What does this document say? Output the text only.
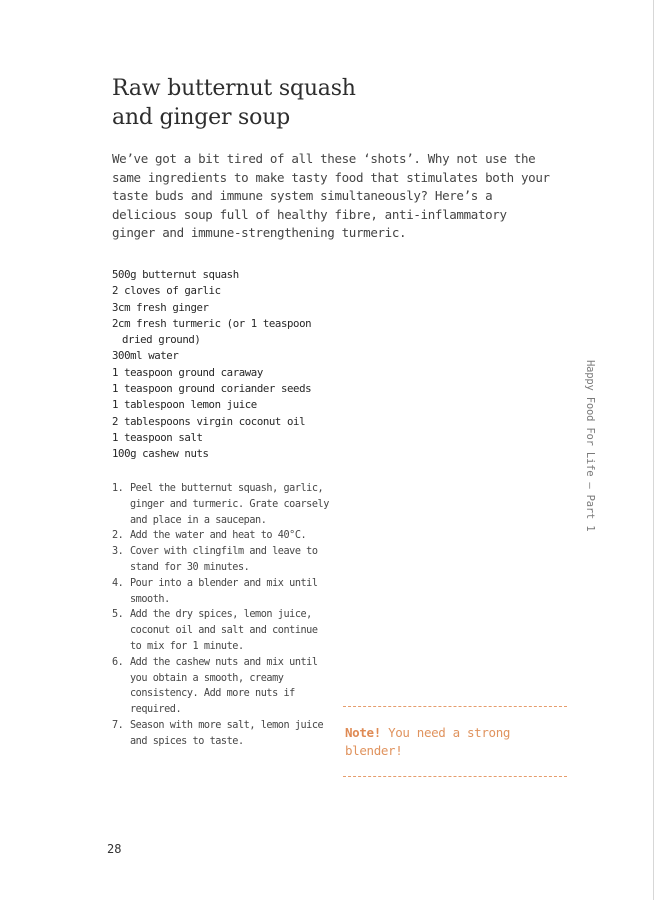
Raw butternut squash
and ginger soup

We’ve got a bit tired of all these ‘shots’. Why not use the same ingredients to make tasty food that stimulates both your taste buds and immune system simultaneously? Here’s a delicious soup full of healthy fibre, anti-inflammatory ginger and immune-strengthening turmeric.

500g butternut squash
2 cloves of garlic
3cm fresh ginger
2cm fresh turmeric (or 1 teaspoon
dried ground)
300ml water
1 teaspoon ground caraway
1 teaspoon ground coriander seeds
1 tablespoon lemon juice
2 tablespoons virgin coconut oil
1 teaspoon salt
100g cashew nuts
1. Peel the butternut squash, garlic, ginger and turmeric. Grate coarsely and place in a saucepan.
2. Add the water and heat to 40°C.
3. Cover with clingfilm and leave to stand for 30 minutes.
4. Pour into a blender and mix until smooth.
5. Add the dry spices, lemon juice, coconut oil and salt and continue to mix for 1 minute.
6. Add the cashew nuts and mix until you obtain a smooth, creamy consistency. Add more nuts if required.
7. Season with more salt, lemon juice and spices to taste.
Note! You need a strong blender!
Happy Food For Life – Part 1
28
